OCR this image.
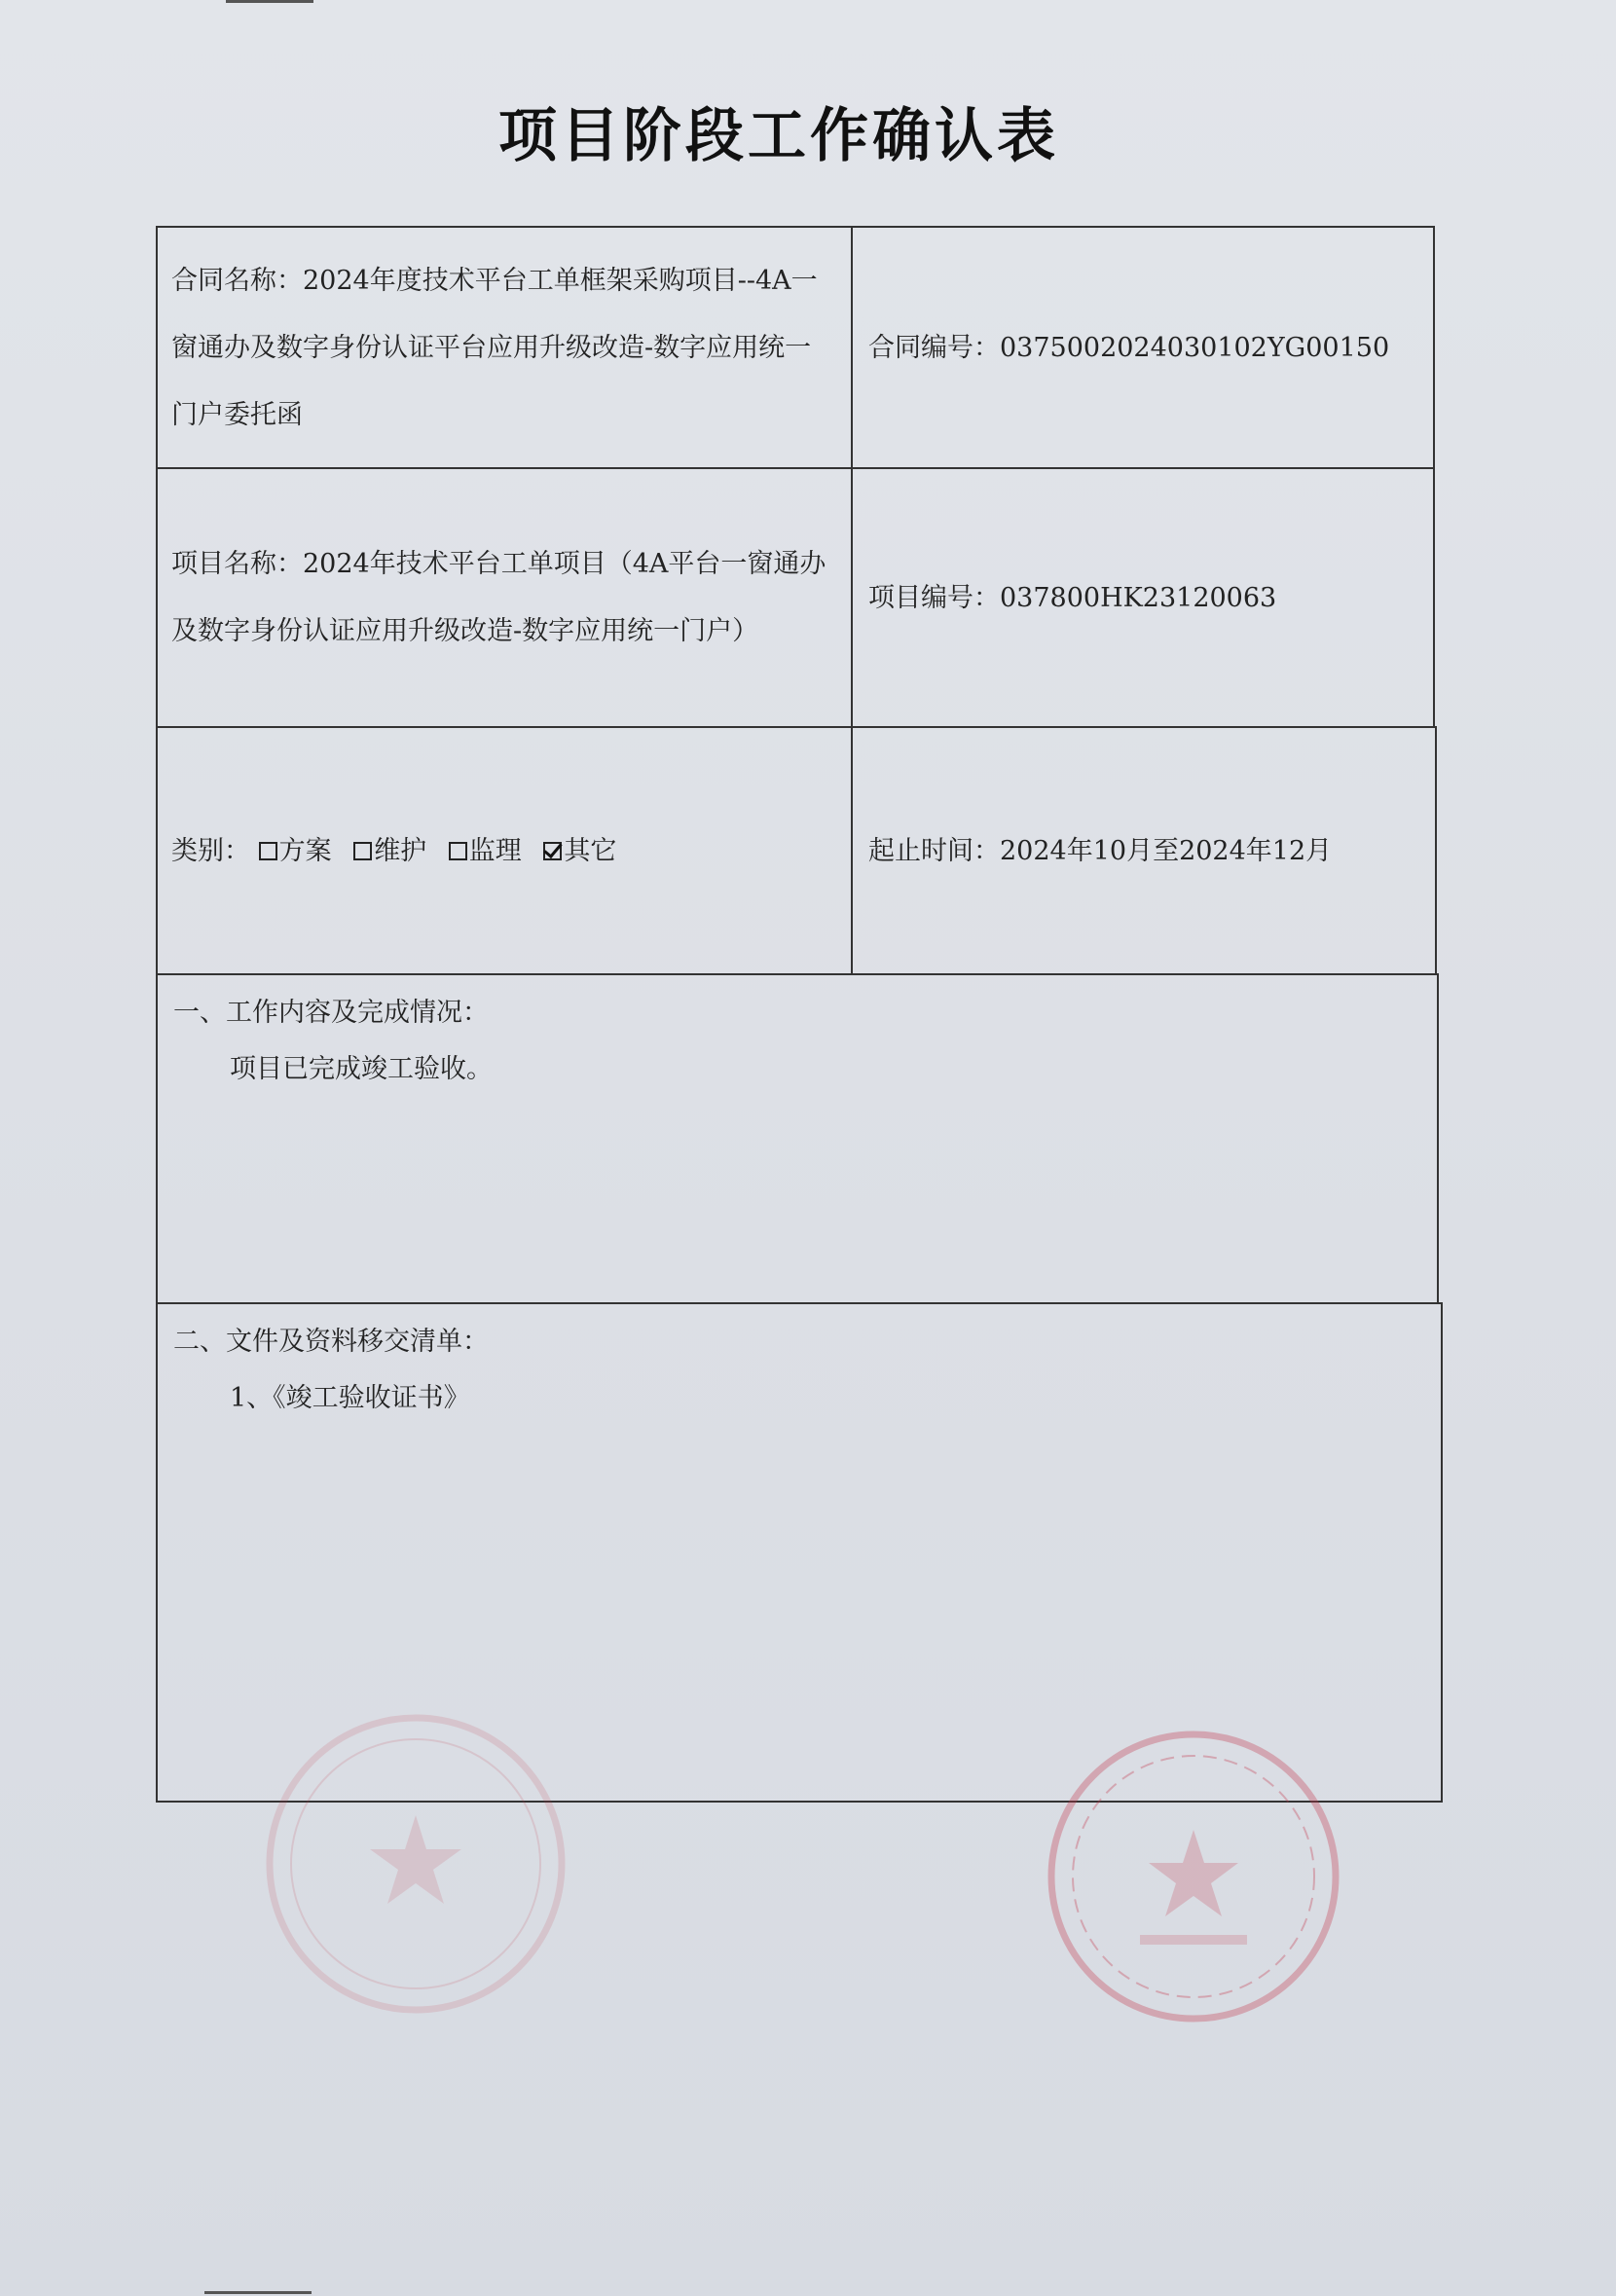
项目阶段工作确认表
合同名称：2024年度技术平台工单框架采购项目--4A一窗通办及数字身份认证平台应用升级改造-数字应用统一门户委托函
合同编号：0375002024030102YG00150
项目名称：2024年技术平台工单项目（4A平台一窗通办及数字身份认证应用升级改造-数字应用统一门户）
项目编号：037800HK23120063
类别： 方案 维护 监理 其它	起止时间：2024年10月至2024年12月
一、工作内容及完成情况：
项目已完成竣工验收。
二、文件及资料移交清单：
1、《竣工验收证书》
